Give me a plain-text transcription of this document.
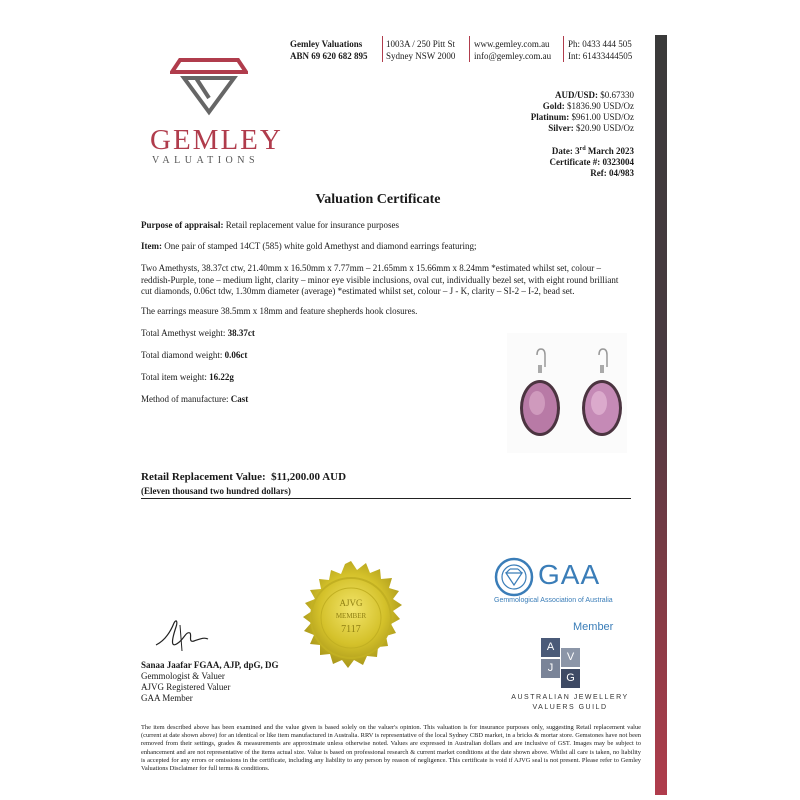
Gemley Valuations
ABN 69 620 682 895
1003A / 250 Pitt St
Sydney NSW 2000
www.gemley.com.au
info@gemley.com.au
Ph: 0433 444 505
Int: 61433444505
GEMLEY
VALUATIONS
AUD/USD: $0.67330
Gold: $1836.90 USD/Oz
Platinum: $961.00 USD/Oz
Silver: $20.90 USD/Oz
Date: 3rd March 2023
Certificate #: 0323004
Ref: 04/983
Valuation Certificate
Purpose of appraisal: Retail replacement value for insurance purposes
Item: One pair of stamped 14CT (585) white gold Amethyst and diamond earrings featuring;
Two Amethysts, 38.37ct ctw, 21.40mm x 16.50mm x 7.77mm – 21.65mm x 15.66mm x 8.24mm *estimated whilst set, colour – reddish-Purple, tone – medium light, clarity – minor eye visible inclusions, oval cut, individually bezel set, with eight round brilliant cut diamonds, 0.06ct tdw, 1.30mm diameter (average) *estimated whilst set, colour – J - K, clarity – SI-2 – I-2, bead set.
The earrings measure 38.5mm x 18mm and feature shepherds hook closures.
Total Amethyst weight: 38.37ct
Total diamond weight: 0.06ct
Total item weight: 16.22g
Method of manufacture: Cast
Retail Replacement Value: $11,200.00 AUD
(Eleven thousand two hundred dollars)
AJVG
MEMBER
7117
Sanaa Jaafar FGAA, AJP, dpG, DG
Gemmologist & Valuer
AJVG Registered Valuer
GAA Member
GAA
Gemmological Association of Australia
Member
A
V
J
G
AUSTRALIAN JEWELLERY
VALUERS GUILD
The item described above has been examined and the value given is based solely on the valuer's opinion. This valuation is for insurance purposes only, suggesting Retail replacement value (current at date shown above) for an identical or like item manufactured in Australia. RRV is representative of the local Sydney CBD market, in a bricks & mortar store. Gemstones have not been removed from their settings, grades & measurements are approximate unless otherwise noted. Values are expressed in Australian dollars and are inclusive of GST. Images may be subject to enhancement and are not representative of the items actual size. Value is based on professional research & current market conditions at the date shown above. Whilst all care is taken, no liability is accepted for any errors or omissions in the certificate, including any liability to any person by reason of negligence. This certificate is void if AJVG seal is not present. Please refer to Gemley Valuations Disclaimer for full terms & conditions.
